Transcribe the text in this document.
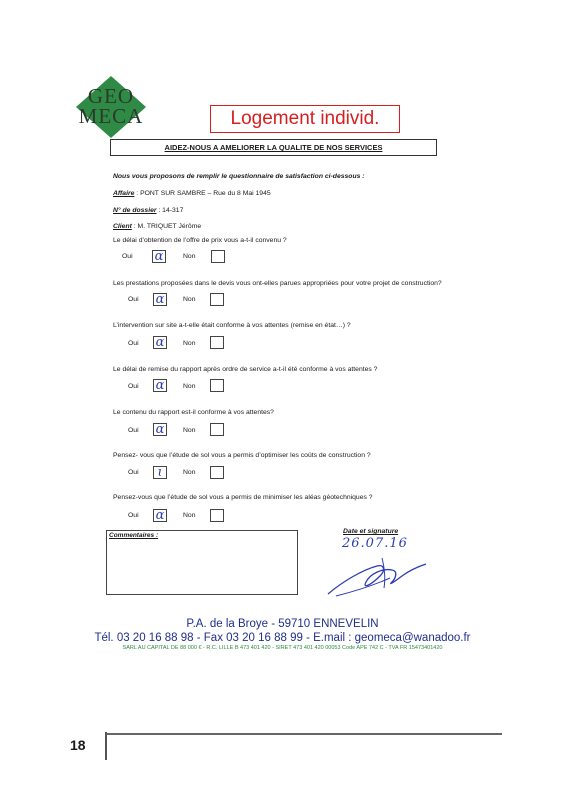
GEO
MECA	Logement individ.
AIDEZ-NOUS A AMELIORER LA QUALITE DE NOS SERVICES
Nous vous proposons de remplir le questionnaire de satisfaction ci-dessous :
Affaire : PONT SUR SAMBRE – Rue du 8 Mai 1945
N° de dossier : 14-317
Client : M. TRIQUET Jérôme
Le délai d’obtention de l’offre de prix vous a-t-il convenu ?
Oui ɑ	Non
Les prestations proposées dans le devis vous ont-elles parues appropriées pour votre projet de construction?
Oui ɑ	Non
L’intervention sur site a-t-elle était conforme à vos attentes (remise en état…) ?
Oui ɑ	Non
Le délai de remise du rapport après ordre de service a-t-il été conforme à vos attentes ?
Oui ɑ	Non
Le contenu du rapport est-il conforme à vos attentes?
Oui ɑ	Non
Pensez- vous que l’étude de sol vous a permis d’optimiser les coûts de construction ?
Oui ɩ	Non
Pensez-vous que l’étude de sol vous a permis de minimiser les aléas géotechniques ?
Oui ɑ	Non
Commentaires :
Date et signature
26.07.16
P.A. de la Broye - 59710 ENNEVELIN
Tél. 03 20 16 88 98 - Fax 03 20 16 88 99 - E.mail : geomeca@wanadoo.fr
SARL AU CAPITAL DE 88 000 € - R.C. LILLE B 473 401 420 - SIRET 473 401 420 00053 Code APE 742 C - TVA FR 15473401420
18
